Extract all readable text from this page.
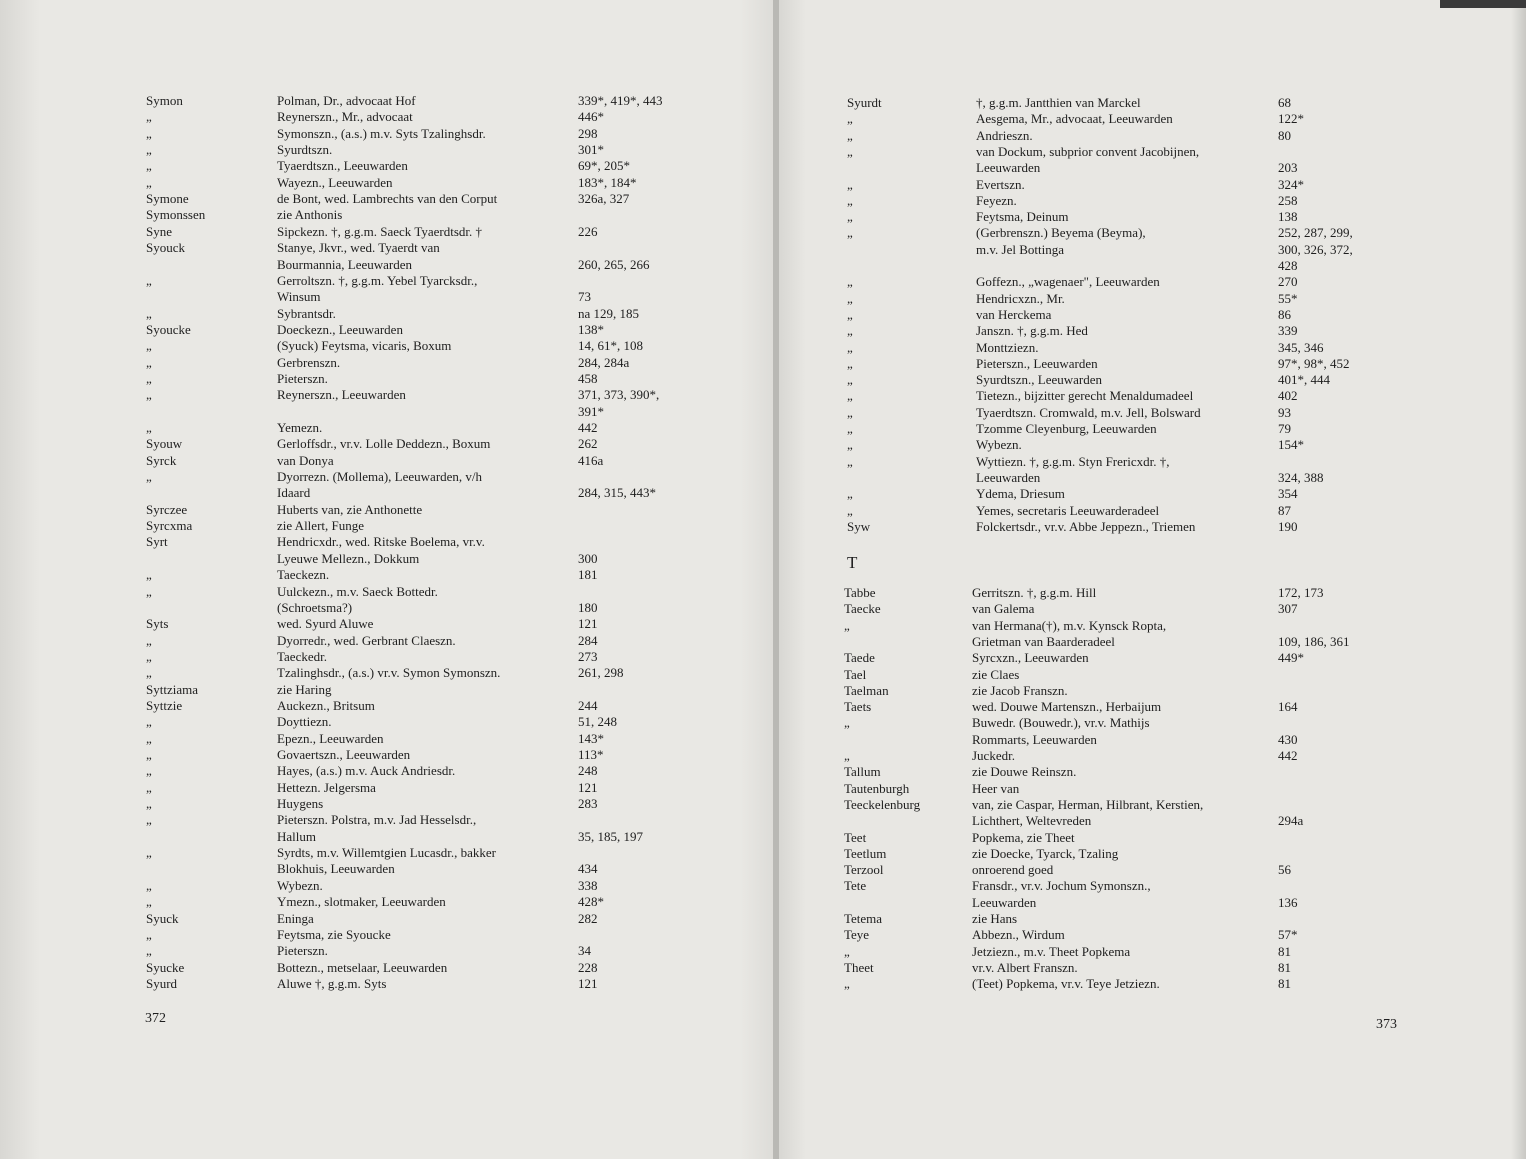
Symon	Polman, Dr., advocaat Hof	339*, 419*, 443
„	Reynerszn., Mr., advocaat	446*
„	Symonszn., (a.s.) m.v. Syts Tzalinghsdr.	298
„	Syurdtszn.	301*
„	Tyaerdtszn., Leeuwarden	69*, 205*
„	Wayezn., Leeuwarden	183*, 184*
Symone	de Bont, wed. Lambrechts van den Corput	326a, 327
Symonssen	zie Anthonis
Syne	Sipckezn. †, g.g.m. Saeck Tyaerdtsdr. †	226
Syouck	Stanye, Jkvr., wed. Tyaerdt van
Bourmannia, Leeuwarden	260, 265, 266
„	Gerroltszn. †, g.g.m. Yebel Tyarcksdr.,
Winsum	73
„	Sybrantsdr.	na 129, 185
Syoucke	Doeckezn., Leeuwarden	138*
„	(Syuck) Feytsma, vicaris, Boxum	14, 61*, 108
„	Gerbrenszn.	284, 284a
„	Pieterszn.	458
„	Reynerszn., Leeuwarden	371, 373, 390*,
391*
„	Yemezn.	442
Syouw	Gerloffsdr., vr.v. Lolle Deddezn., Boxum	262
Syrck	van Donya	416a
„	Dyorrezn. (Mollema), Leeuwarden, v/h
Idaard	284, 315, 443*
Syrczee	Huberts van, zie Anthonette
Syrcxma	zie Allert, Funge
Syrt	Hendricxdr., wed. Ritske Boelema, vr.v.
Lyeuwe Mellezn., Dokkum	300
„	Taeckezn.	181
„	Uulckezn., m.v. Saeck Bottedr.
(Schroetsma?)	180
Syts	wed. Syurd Aluwe	121
„	Dyorredr., wed. Gerbrant Claeszn.	284
„	Taeckedr.	273
„	Tzalinghsdr., (a.s.) vr.v. Symon Symonszn.	261, 298
Syttziama	zie Haring
Syttzie	Auckezn., Britsum	244
„	Doyttiezn.	51, 248
„	Epezn., Leeuwarden	143*
„	Govaertszn., Leeuwarden	113*
„	Hayes, (a.s.) m.v. Auck Andriesdr.	248
„	Hettezn. Jelgersma	121
„	Huygens	283
„	Pieterszn. Polstra, m.v. Jad Hesselsdr.,
Hallum	35, 185, 197
„	Syrdts, m.v. Willemtgien Lucasdr., bakker
Blokhuis, Leeuwarden	434
„	Wybezn.	338
„	Ymezn., slotmaker, Leeuwarden	428*
Syuck	Eninga	282
„	Feytsma, zie Syoucke
„	Pieterszn.	34
Syucke	Bottezn., metselaar, Leeuwarden	228
Syurd	Aluwe †, g.g.m. Syts	121
372
Syurdt	†, g.g.m. Jantthien van Marckel	68
„	Aesgema, Mr., advocaat, Leeuwarden	122*
„	Andrieszn.	80
„	van Dockum, subprior convent Jacobijnen,
Leeuwarden	203
„	Evertszn.	324*
„	Feyezn.	258
„	Feytsma, Deinum	138
„	(Gerbrenszn.) Beyema (Beyma),	252, 287, 299,
m.v. Jel Bottinga	300, 326, 372,
428
„	Goffezn., „wagenaer", Leeuwarden	270
„	Hendricxzn., Mr.	55*
„	van Herckema	86
„	Janszn. †, g.g.m. Hed	339
„	Monttziezn.	345, 346
„	Pieterszn., Leeuwarden	97*, 98*, 452
„	Syurdtszn., Leeuwarden	401*, 444
„	Tietezn., bijzitter gerecht Menaldumadeel	402
„	Tyaerdtszn. Cromwald, m.v. Jell, Bolsward	93
„	Tzomme Cleyenburg, Leeuwarden	79
„	Wybezn.	154*
„	Wyttiezn. †, g.g.m. Styn Frericxdr. †,
Leeuwarden	324, 388
„	Ydema, Driesum	354
„	Yemes, secretaris Leeuwarderadeel	87
Syw	Folckertsdr., vr.v. Abbe Jeppezn., Triemen	190
T
Tabbe	Gerritszn. †, g.g.m. Hill	172, 173
Taecke	van Galema	307
„	van Hermana(†), m.v. Kynsck Ropta,
Grietman van Baarderadeel	109, 186, 361
Taede	Syrcxzn., Leeuwarden	449*
Tael	zie Claes
Taelman	zie Jacob Franszn.
Taets	wed. Douwe Martenszn., Herbaijum	164
„	Buwedr. (Bouwedr.), vr.v. Mathijs
Rommarts, Leeuwarden	430
„	Juckedr.	442
Tallum	zie Douwe Reinszn.
Tautenburgh	Heer van
Teeckelenburg	van, zie Caspar, Herman, Hilbrant, Kerstien,
Lichthert, Weltevreden	294a
Teet	Popkema, zie Theet
Teetlum	zie Doecke, Tyarck, Tzaling
Terzool	onroerend goed	56
Tete	Fransdr., vr.v. Jochum Symonszn.,
Leeuwarden	136
Tetema	zie Hans
Teye	Abbezn., Wirdum	57*
„	Jetziezn., m.v. Theet Popkema	81
Theet	vr.v. Albert Franszn.	81
„	(Teet) Popkema, vr.v. Teye Jetziezn.	81
373
